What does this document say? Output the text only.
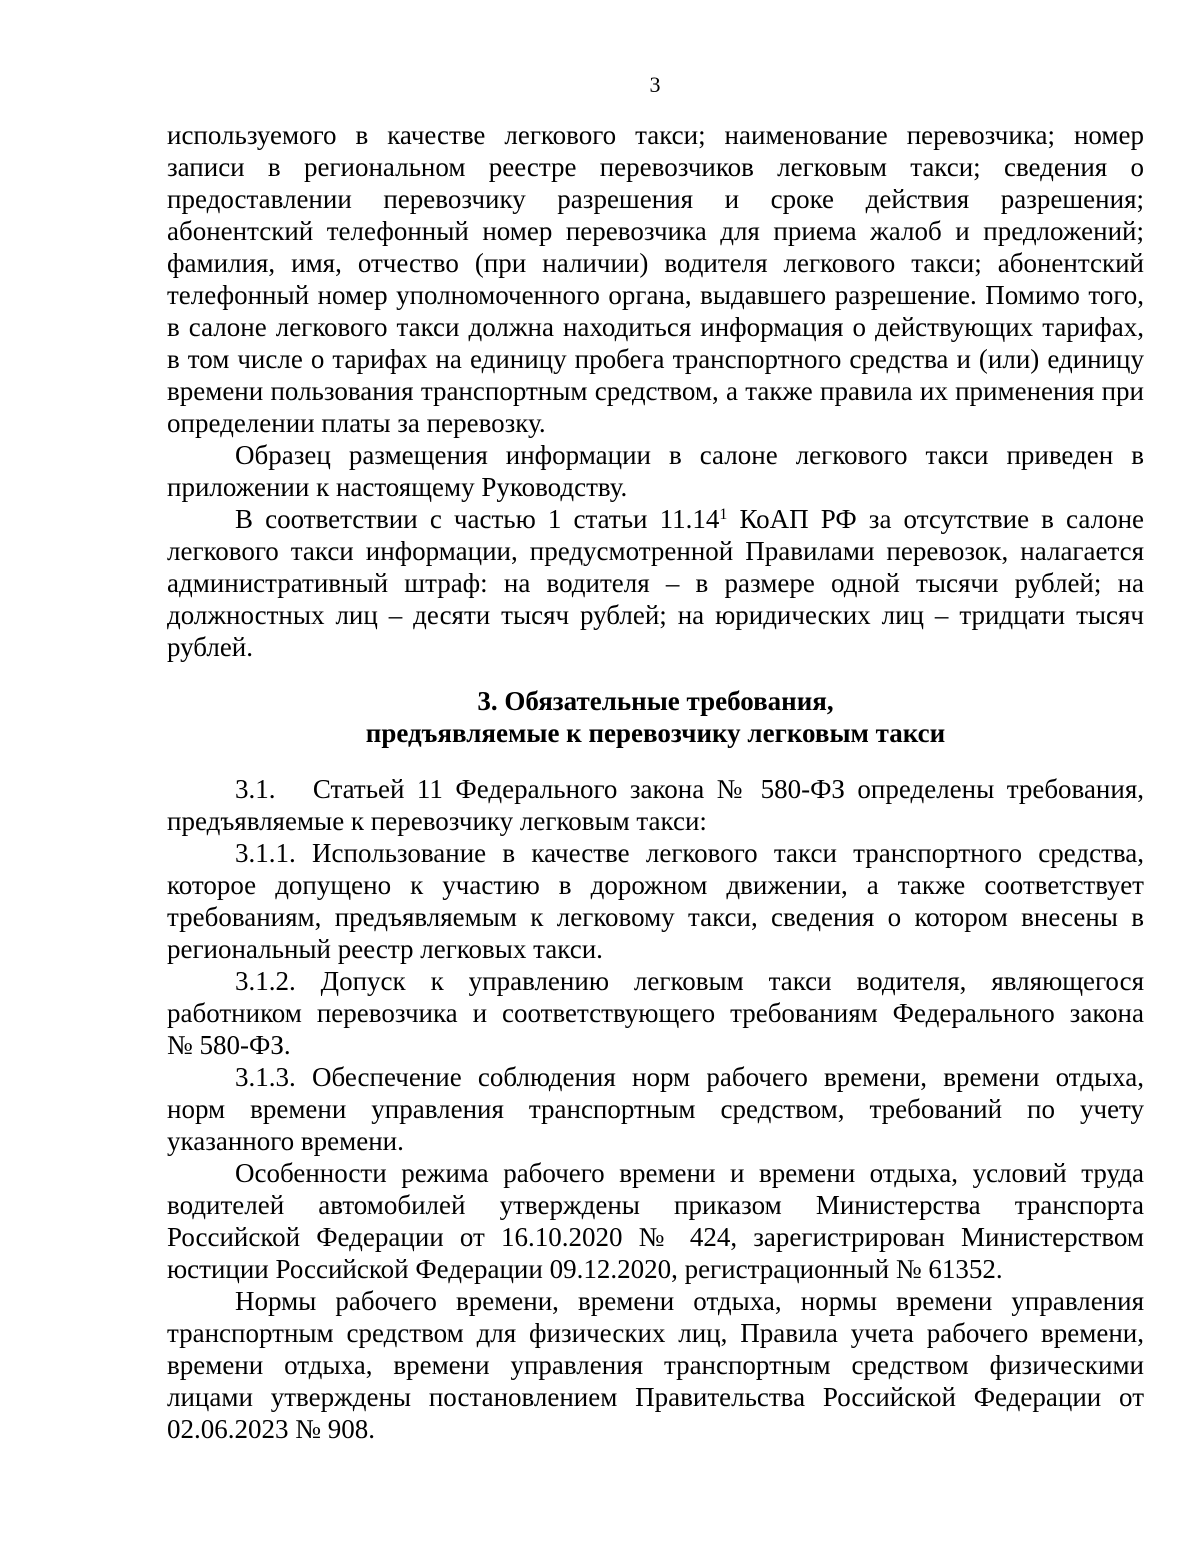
3
используемого в качестве легкового такси; наименование перевозчика; номер
записи в региональном реестре перевозчиков легковым такси; сведения о
предоставлении перевозчику разрешения и сроке действия разрешения;
абонентский телефонный номер перевозчика для приема жалоб и предложений;
фамилия, имя, отчество (при наличии) водителя легкового такси; абонентский
телефонный номер уполномоченного органа, выдавшего разрешение. Помимо того,
в салоне легкового такси должна находиться информация о действующих тарифах,
в том числе о тарифах на единицу пробега транспортного средства и (или) единицу
времени пользования транспортным средством, а также правила их применения при
определении платы за перевозку.
Образец размещения информации в салоне легкового такси приведен в
приложении к настоящему Руководству.
В соответствии с частью 1 статьи 11.14$^1$ КоАП РФ за отсутствие в салоне
легкового такси информации, предусмотренной Правилами перевозок, налагается
административный штраф: на водителя – в размере одной тысячи рублей; на
должностных лиц – десяти тысяч рублей; на юридических лиц – тридцати тысяч
рублей.
3. Обязательные требования,
предъявляемые к перевозчику легковым такси
3.1.   Статьей 11 Федерального закона № 580-ФЗ определены требования,
предъявляемые к перевозчику легковым такси:
3.1.1. Использование в качестве легкового такси транспортного средства,
которое допущено к участию в дорожном движении, а также соответствует
требованиям, предъявляемым к легковому такси, сведения о котором внесены в
региональный реестр легковых такси.
3.1.2. Допуск к управлению легковым такси водителя, являющегося
работником перевозчика и соответствующего требованиям Федерального закона
№ 580-ФЗ.
3.1.3. Обеспечение соблюдения норм рабочего времени, времени отдыха,
норм времени управления транспортным средством, требований по учету
указанного времени.
Особенности режима рабочего времени и времени отдыха, условий труда
водителей автомобилей утверждены приказом Министерства транспорта
Российской Федерации от 16.10.2020 № 424, зарегистрирован Министерством
юстиции Российской Федерации 09.12.2020, регистрационный № 61352.
Нормы рабочего времени, времени отдыха, нормы времени управления
транспортным средством для физических лиц, Правила учета рабочего времени,
времени отдыха, времени управления транспортным средством физическими
лицами утверждены постановлением Правительства Российской Федерации от
02.06.2023 № 908.
